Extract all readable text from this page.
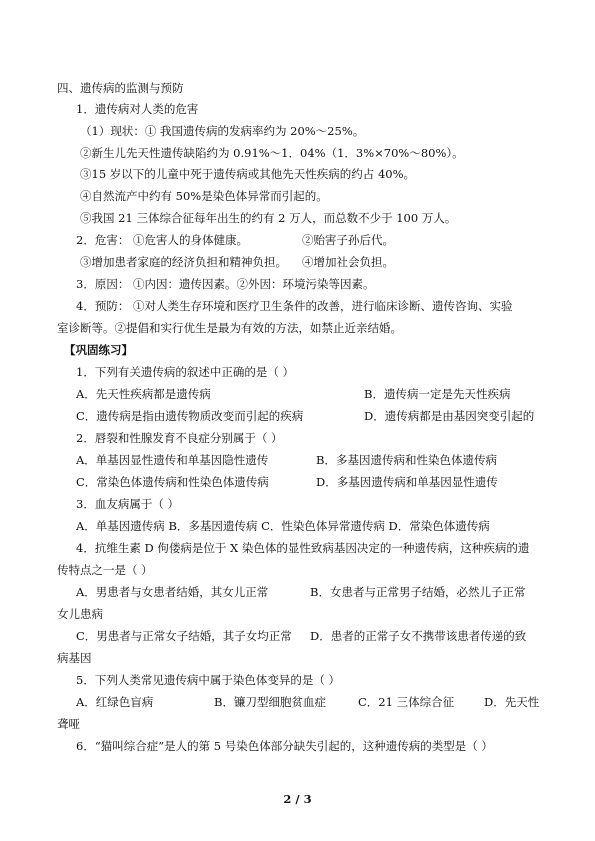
四、遗传病的监测与预防
1．遗传病对人类的危害
（1）现状：① 我国遗传病的发病率约为 20%～25%。
②新生儿先天性遗传缺陷约为 0.91%～1．04%（1．3%×70%～80%）。
③15 岁以下的儿童中死于遗传病或其他先天性疾病的约占 40%。
④自然流产中约有 50%是染色体异常而引起的。
⑤我国 21 三体综合征每年出生的约有 2 万人，而总数不少于 100 万人。
2．危害： ①危害人的身体健康。	②贻害子孙后代。
③增加患者家庭的经济负担和精神负担。 ④增加社会负担。
3．原因： ①内因：遗传因素。②外因：环境污染等因素。
4．预防： ①对人类生存环境和医疗卫生条件的改善，进行临床诊断、遗传咨询、实验
室诊断等。②提倡和实行优生是最为有效的方法，如禁止近亲结婚。
【巩固练习】
1．下列有关遗传病的叙述中正确的是（ ）
A．先天性疾病都是遗传病	B．遗传病一定是先天性疾病
C．遗传病是指由遗传物质改变而引起的疾病	D．遗传病都是由基因突变引起的
2．唇裂和性腺发育不良症分别属于（ ）
A．单基因显性遗传和单基因隐性遗传	B．多基因遗传病和性染色体遗传病
C．常染色体遗传病和性染色体遗传病	D．多基因遗传病和单基因显性遗传
3．血友病属于（ ）
A．单基因遗传病 B．多基因遗传病 C．性染色体异常遗传病 D．常染色体遗传病
4．抗维生素 D 佝偻病是位于 X 染色体的显性致病基因决定的一种遗传病，这种疾病的遗
传特点之一是（ ）
A．男患者与女患者结婚，其女儿正常	B．女患者与正常男子结婚，必然儿子正常
女儿患病
C．男患者与正常女子结婚，其子女均正常 D．患者的正常子女不携带该患者传递的致
病基因
5．下列人类常见遗传病中属于染色体变异的是（ ）
A．红绿色盲病	B．镰刀型细胞贫血症	C．21 三体综合征	D．先天性
聋哑
6．“猫叫综合症”是人的第 5 号染色体部分缺失引起的，这种遗传病的类型是（ ）
2 / 3
